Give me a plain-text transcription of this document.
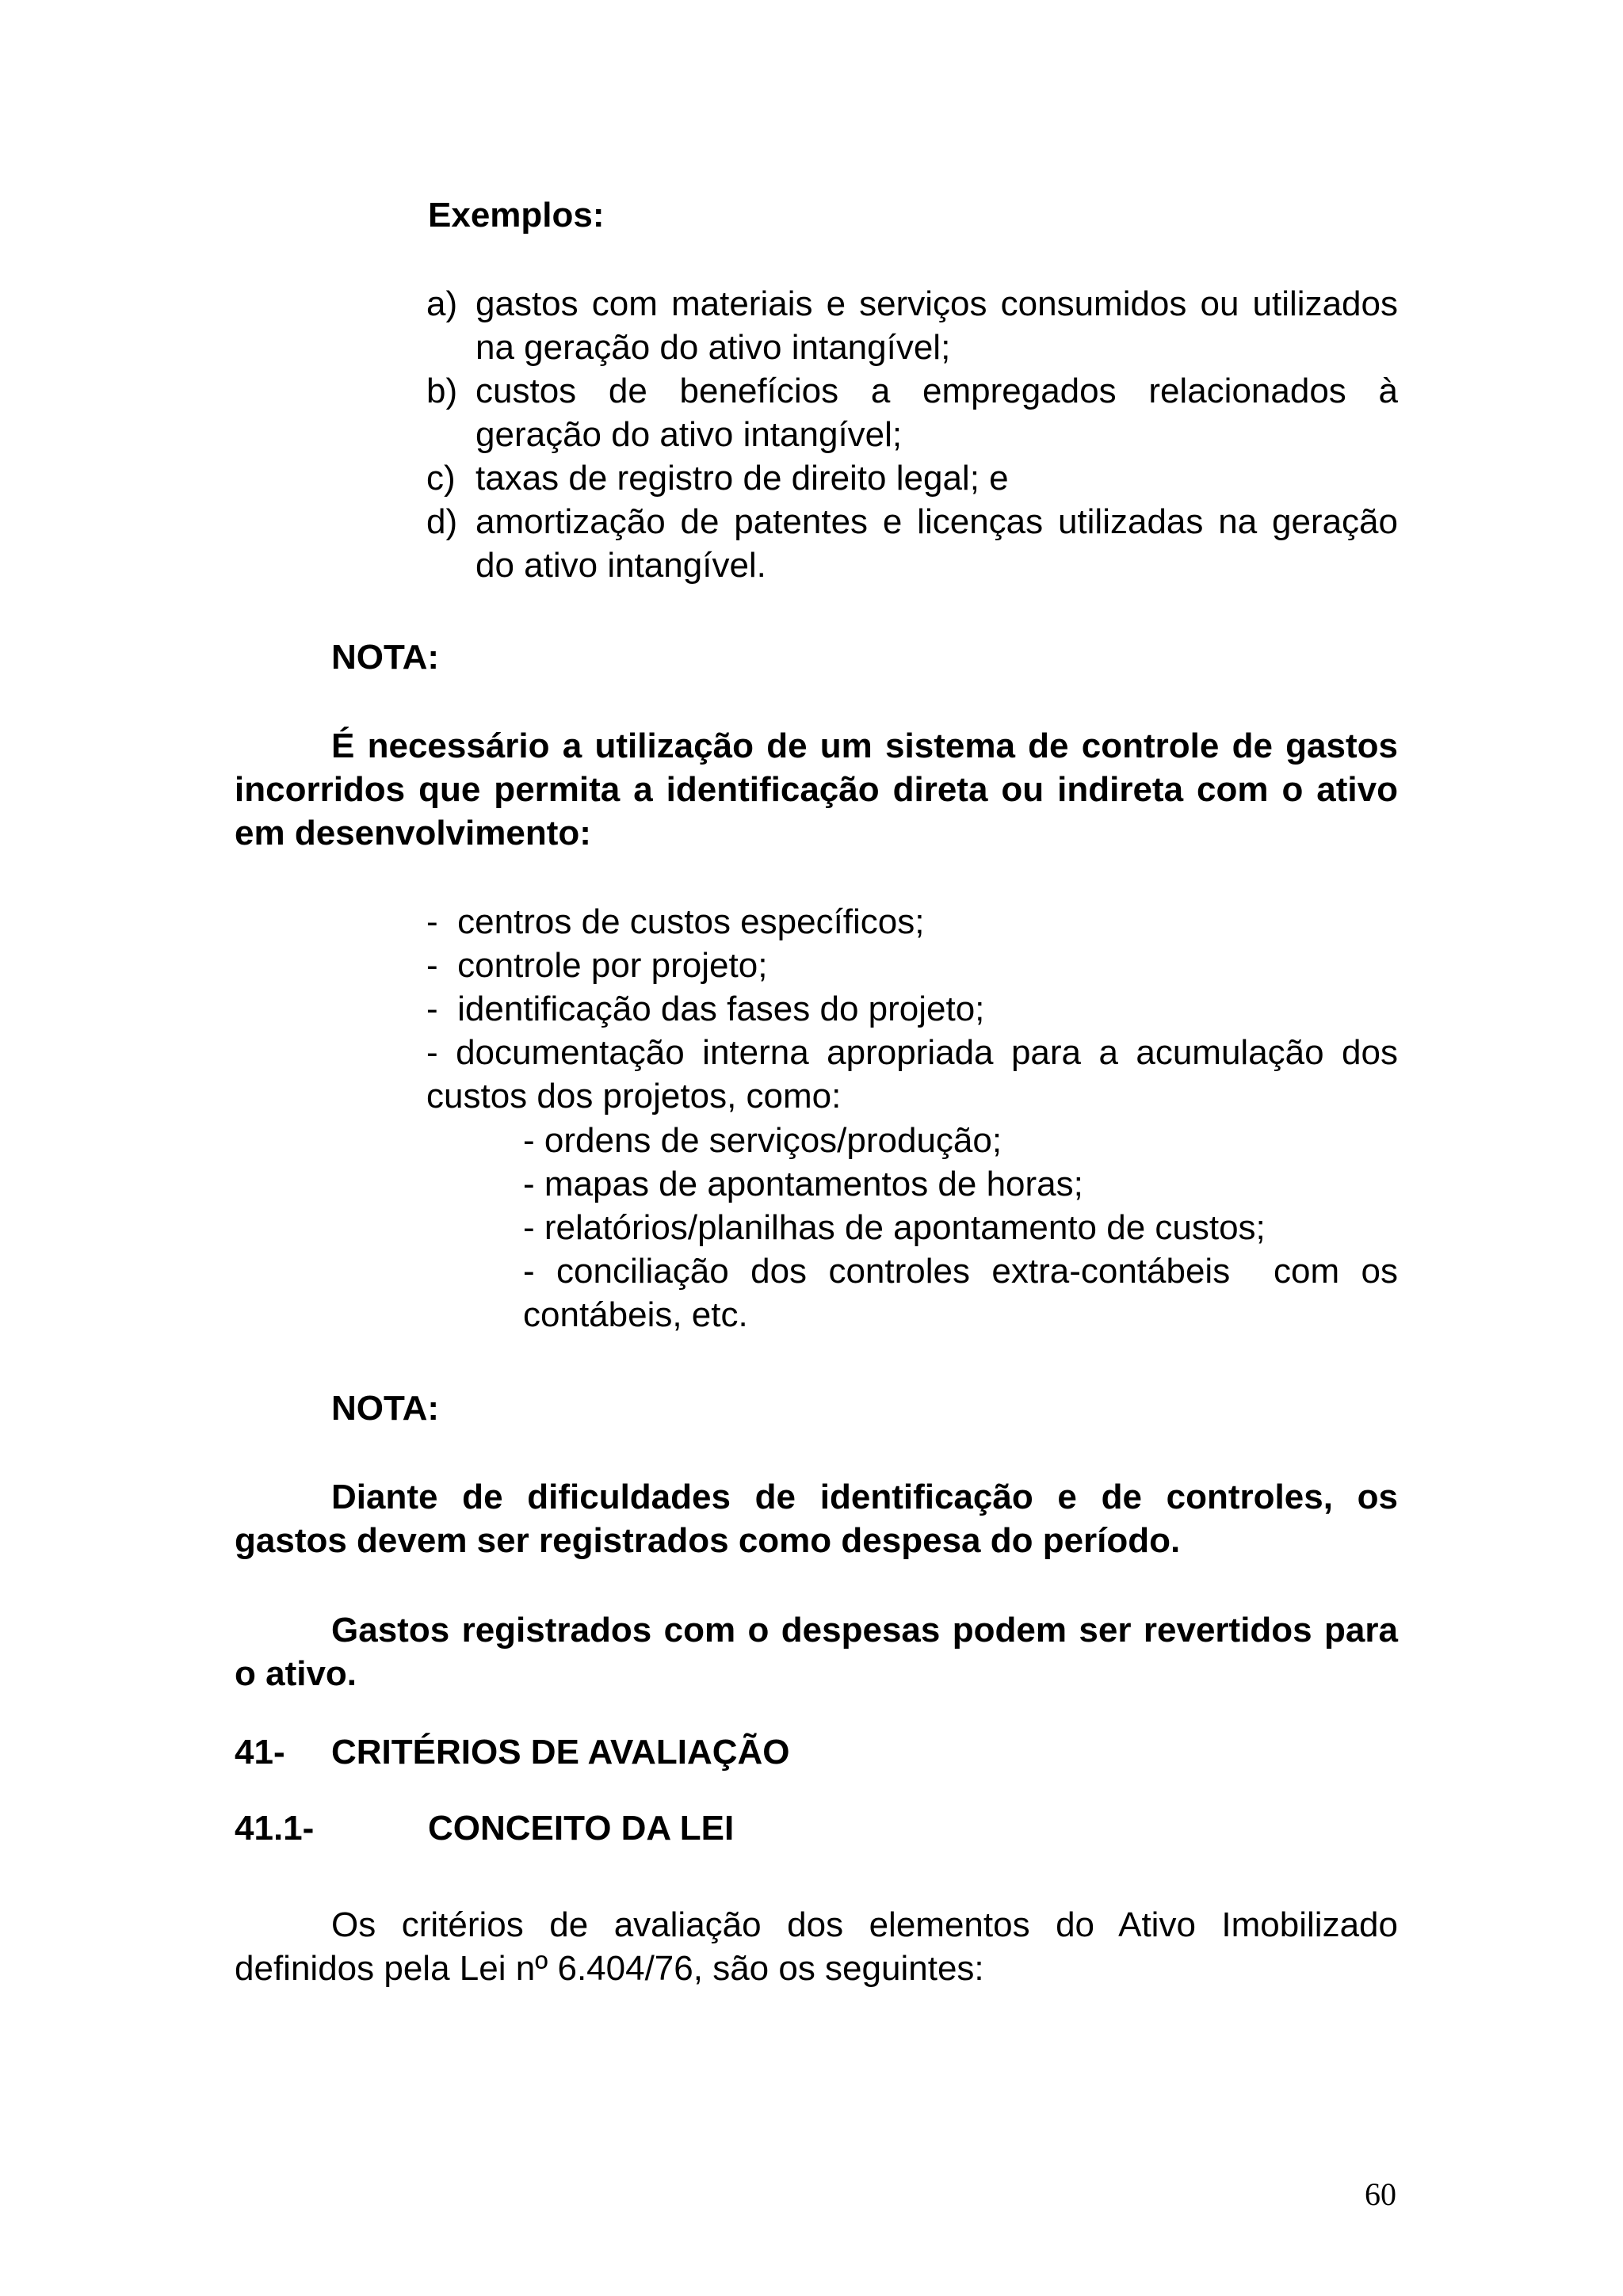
Exemplos:

a) gastos com materiais e serviços consumidos ou utilizados na geração do ativo intangível;
b) custos de benefícios a empregados relacionados à geração do ativo intangível;
c) taxas de registro de direito legal; e
d) amortização de patentes e licenças utilizadas na geração do ativo intangível.

NOTA:

É necessário a utilização de um sistema de controle de gastos incorridos que permita a identificação direta ou indireta com o ativo em desenvolvimento:

-  centros de custos específicos;
-  controle por projeto;
-  identificação das fases do projeto;
- documentação interna apropriada para a acumulação dos custos dos projetos, como:
- ordens de serviços/produção;
- mapas de apontamentos de horas;
- relatórios/planilhas de apontamento de custos;
- conciliação dos controles extra-contábeis  com os contábeis, etc.

NOTA:

Diante de dificuldades de identificação e de controles, os gastos devem ser registrados como despesa do período.

Gastos registrados com o despesas podem ser revertidos para o ativo.

41-	CRITÉRIOS DE AVALIAÇÃO
41.1-	CONCEITO DA LEI

Os critérios de avaliação dos elementos do Ativo Imobilizado definidos pela Lei nº 6.404/76, são os seguintes:

60
